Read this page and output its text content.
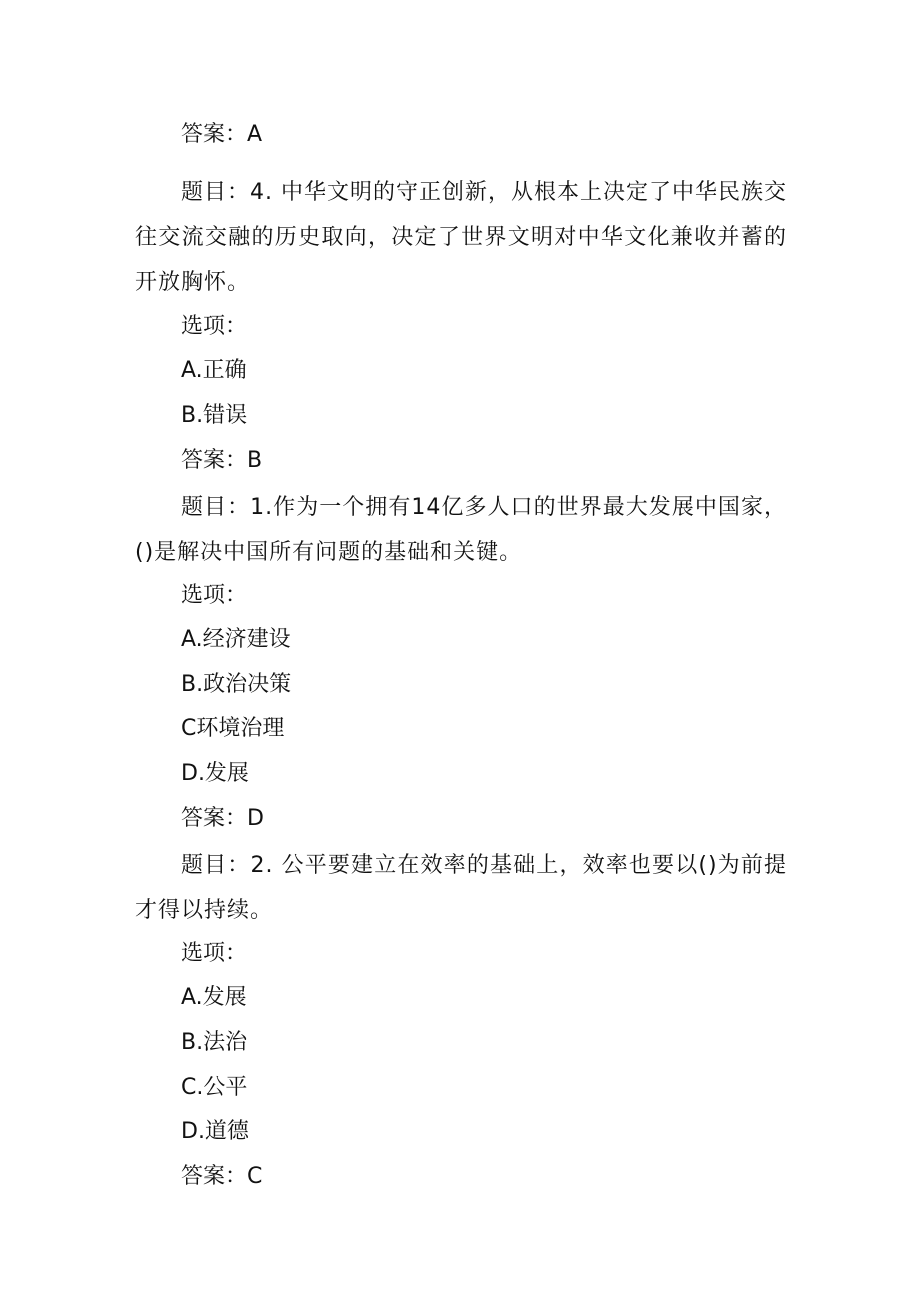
答案：A
题目：4. 中华文明的守正创新，从根本上决定了中华民族交往交流交融的历史取向，决定了世界文明对中华文化兼收并蓄的开放胸怀。
选项：
A.正确
B.错误
答案：B
题目：1.作为一个拥有14亿多人口的世界最大发展中国家，()是解决中国所有问题的基础和关键。
选项：
A.经济建设
B.政治决策
C环境治理
D.发展
答案：D
题目：2. 公平要建立在效率的基础上，效率也要以()为前提才得以持续。
选项：
A.发展
B.法治
C.公平
D.道德
答案：C
